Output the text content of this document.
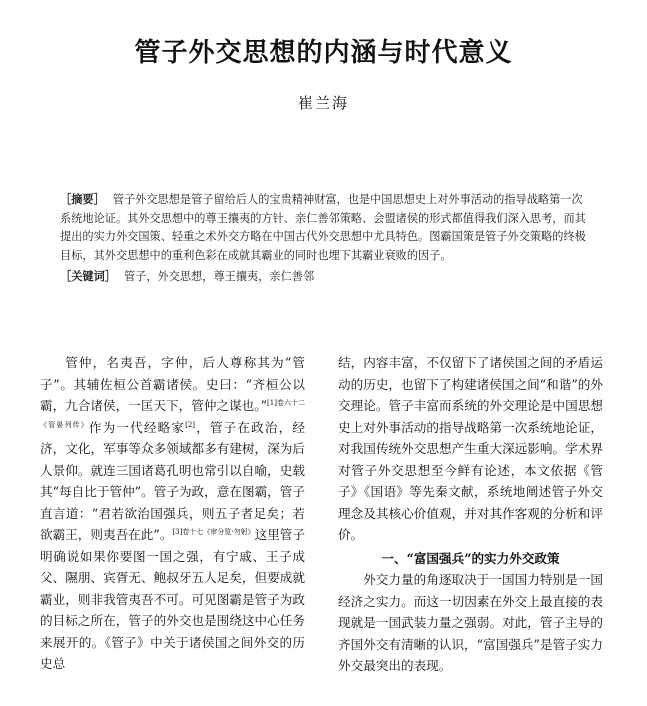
管子外交思想的内涵与时代意义
崔兰海
［摘要］ 管子外交思想是管子留给后人的宝贵精神财富，也是中国思想史上对外事活动的指导战略第一次系统地论证。其外交思想中的尊王攘夷的方针、亲仁善邻策略、会盟诸侯的形式都值得我们深入思考，而其提出的实力外交国策、轻重之术外交方略在中国古代外交思想中尤具特色。图霸国策是管子外交策略的终极目标，其外交思想中的重利色彩在成就其霸业的同时也埋下其霸业衰败的因子。
［关键词］ 管子，外交思想，尊王攘夷，亲仁善邻

管仲，名夷吾，字仲，后人尊称其为“管子”。其辅佐桓公首霸诸侯。史曰：“齐桓公以霸，九合诸侯，一匡天下，管仲之谋也。”$^{[1]卷六十二《管晏列传》}$作为一代经略家[2]，管子在政治，经济，文化，军事等众多领域都多有建树，深为后人景仰。就连三国诸葛孔明也常引以自喻，史载其“每自比于管仲”。管子为政，意在图霸，管子直言道：“君若欲治国强兵，则五子者足矣；若欲霸王，则夷吾在此”。$^{[3]卷十七《审分览\cdot 勿躬》}$这里管子明确说如果你要图一国之强，有宁戚、王子成父、隰朋、宾胥无、鲍叔牙五人足矣，但要成就霸业，则非我管夷吾不可。可见图霸是管子为政的目标之所在，管子的外交也是围绕这中心任务来展开的。《管子》中关于诸侯国之间外交的历史总

结，内容丰富，不仅留下了诸侯国之间的矛盾运动的历史，也留下了构建诸侯国之间“和谐”的外交理论。管子丰富而系统的外交理论是中国思想史上对外事活动的指导战略第一次系统地论证，对我国传统外交思想产生重大深远影响。学术界对管子外交思想至今鲜有论述，本文依据《管子》《国语》等先秦文献，系统地阐述管子外交理念及其核心价值观，并对其作客观的分析和评价。

一、“富国强兵”的实力外交政策

外交力量的角逐取决于一国国力特别是一国经济之实力。而这一切因素在外交上最直接的表现就是一国武装力量之强弱。对此，管子主导的齐国外交有清晰的认识，“富国强兵”是管子实力外交最突出的表现。
